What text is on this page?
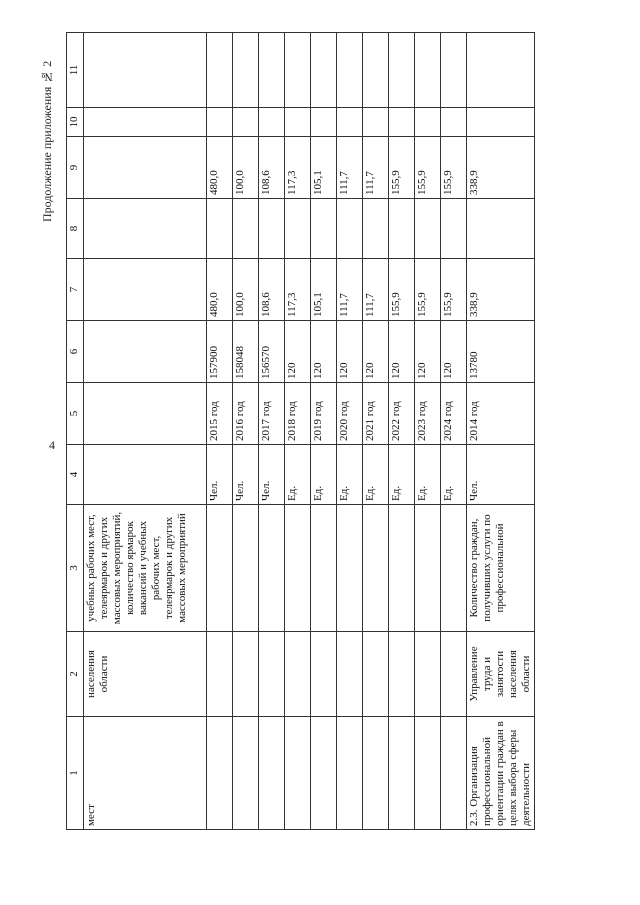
4
Продолжение приложения № 2
1	2	3	4	5	6	7	8	9	10	11
мест	населения области	учебных рабочих мест, телеярмарок и других массовых мероприятий, количество ярмарок вакансий и учебных рабочих мест, телеярмарок и других массовых мероприятий								
			Чел.	2015 год	157900	480,0		480,0		
			Чел.	2016 год	158048	100,0		100,0		
			Чел.	2017 год	156570	108,6		108,6		
			Ед.	2018 год	120	117,3		117,3		
			Ед.	2019 год	120	105,1		105,1		
			Ед.	2020 год	120	111,7		111,7		
			Ед.	2021 год	120	111,7		111,7		
			Ед.	2022 год	120	155,9		155,9		
			Ед.	2023 год	120	155,9		155,9		
			Ед.	2024 год	120	155,9		155,9		
2.3. Организация профессиональной ориентации граждан в целях выбора сферы деятельности	Управление труда и занятости населения области	Количество граждан, получивших услуги по профессиональной	Чел.	2014 год	13780	338,9		338,9		
